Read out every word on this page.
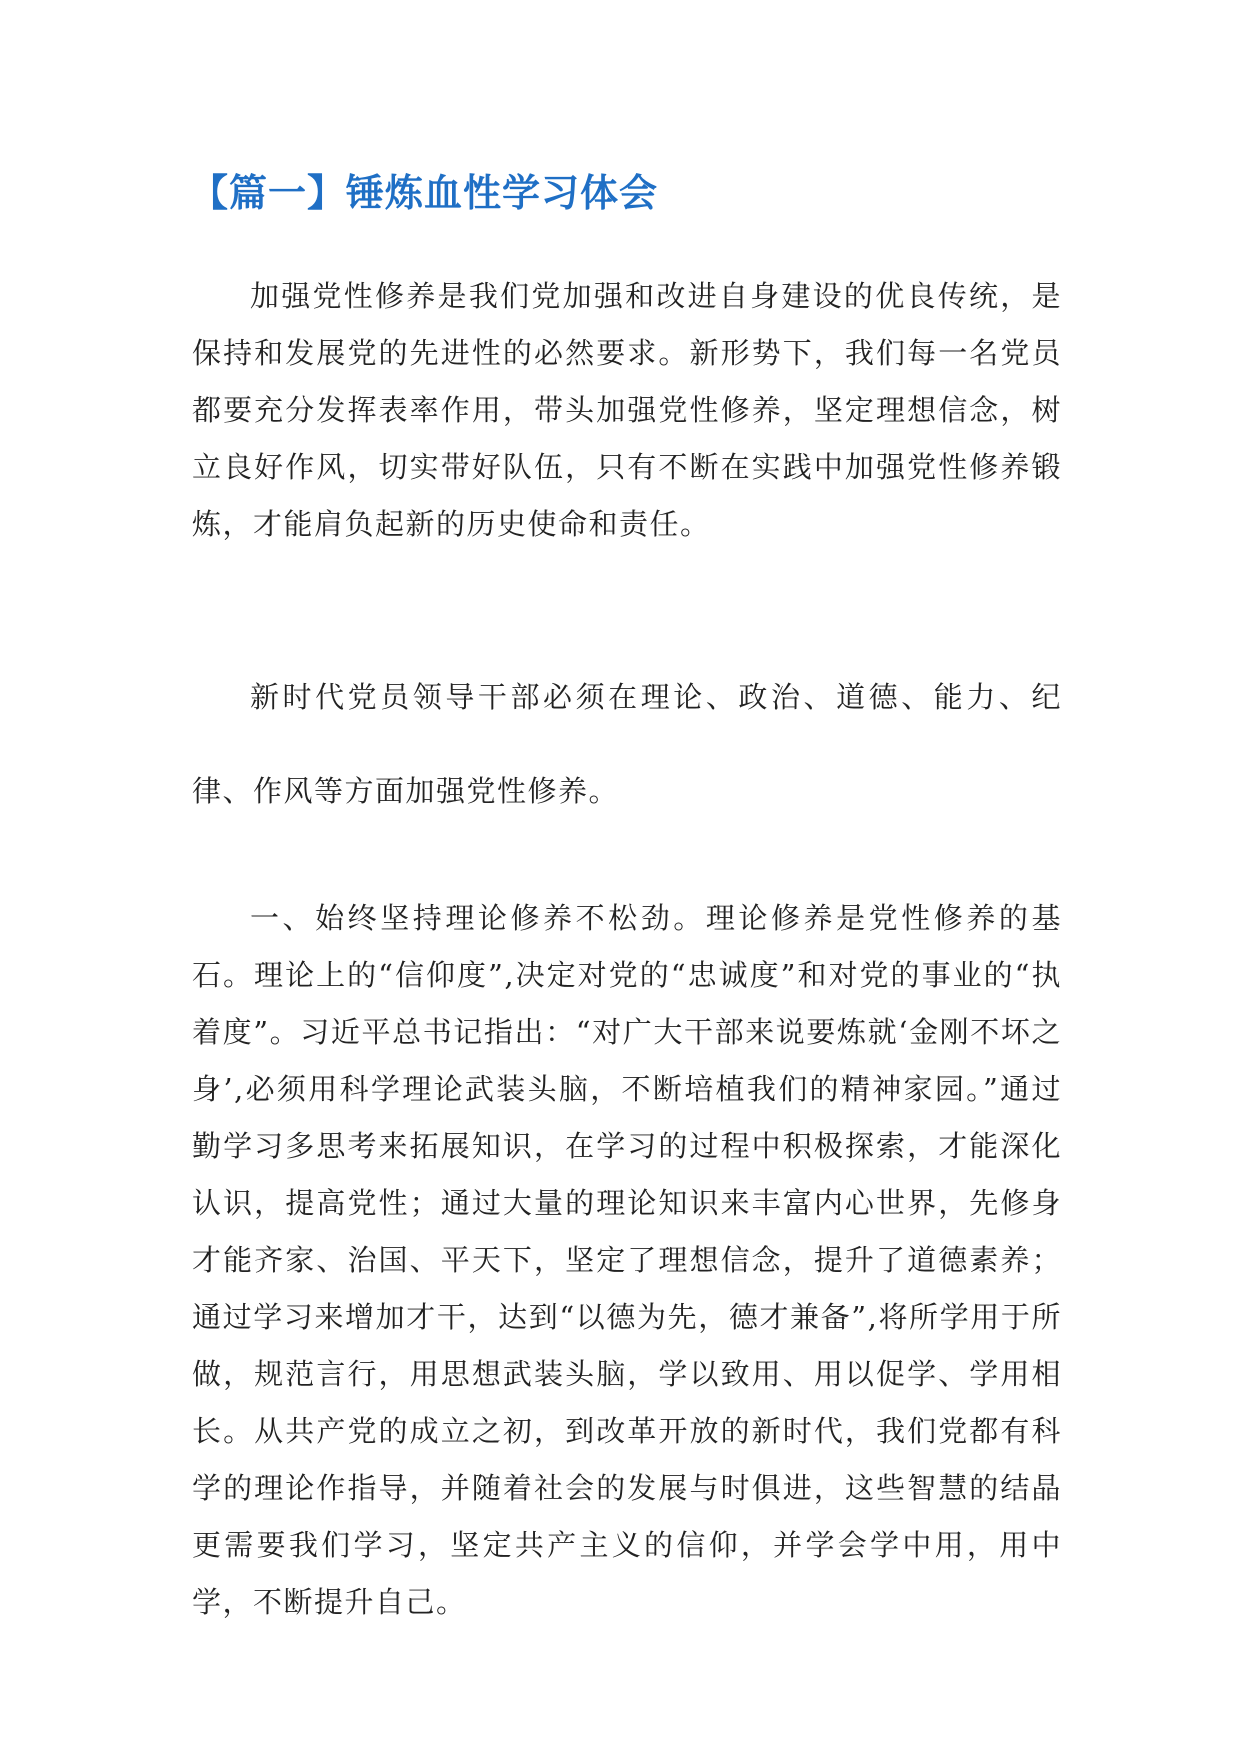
【篇一】锤炼血性学习体会
加强党性修养是我们党加强和改进自身建设的优良传统，是保持和发展党的先进性的必然要求。新形势下，我们每一名党员都要充分发挥表率作用，带头加强党性修养，坚定理想信念，树立良好作风，切实带好队伍，只有不断在实践中加强党性修养锻炼，才能肩负起新的历史使命和责任。
新时代党员领导干部必须在理论、政治、道德、能力、纪律、作风等方面加强党性修养。
一、始终坚持理论修养不松劲。理论修养是党性修养的基石。理论上的“信仰度”,决定对党的“忠诚度”和对党的事业的“执着度”。习近平总书记指出：“对广大干部来说要炼就‘金刚不坏之身’,必须用科学理论武装头脑，不断培植我们的精神家园。”通过勤学习多思考来拓展知识，在学习的过程中积极探索，才能深化认识，提高党性；通过大量的理论知识来丰富内心世界，先修身才能齐家、治国、平天下，坚定了理想信念，提升了道德素养；通过学习来增加才干，达到“以德为先，德才兼备”,将所学用于所做，规范言行，用思想武装头脑，学以致用、用以促学、学用相长。从共产党的成立之初，到改革开放的新时代，我们党都有科学的理论作指导，并随着社会的发展与时俱进，这些智慧的结晶更需要我们学习，坚定共产主义的信仰，并学会学中用，用中学，不断提升自己。
